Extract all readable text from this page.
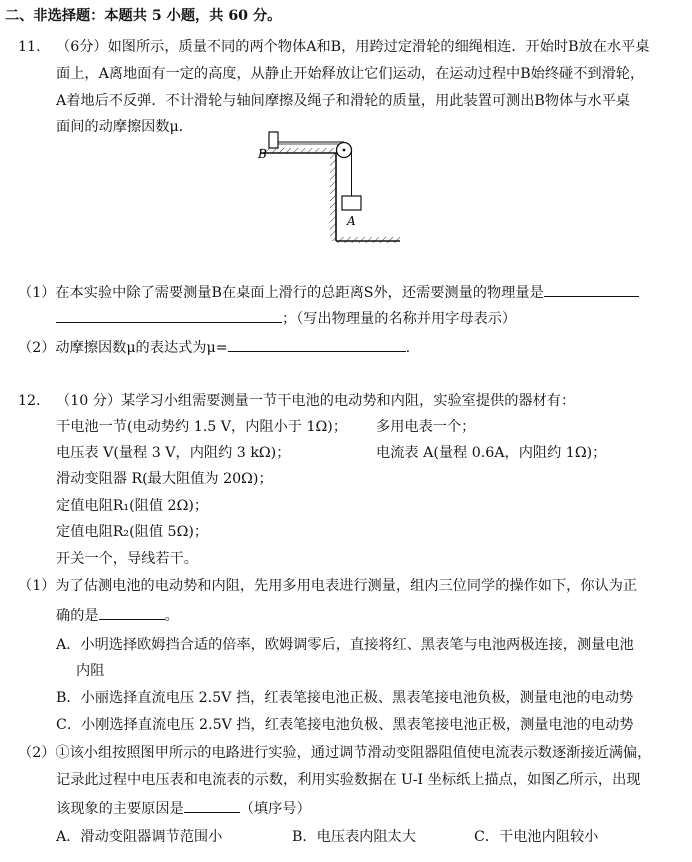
二、非选择题：本题共 5 小题，共 60 分。
11. （6分）如图所示，质量不同的两个物体A和B，用跨过定滑轮的细绳相连．开始时B放在水平桌
面上，A离地面有一定的高度，从静止开始释放让它们运动，在运动过程中B始终碰不到滑轮，
A着地后不反弹．不计滑轮与轴间摩擦及绳子和滑轮的质量，用此装置可测出B物体与水平桌
面间的动摩擦因数μ．
B
A
（1）在本实验中除了需要测量B在桌面上滑行的总距离S外，还需要测量的物理量是
；（写出物理量的名称并用字母表示）
（2）动摩擦因数μ的表达式为μ=	.
12. （10 分）某学习小组需要测量一节干电池的电动势和内阻，实验室提供的器材有：
干电池一节(电动势约 1.5 V，内阻小于 1Ω)； 多用电表一个；
电压表 V(量程 3 V，内阻约 3 kΩ)；	电流表 A(量程 0.6A，内阻约 1Ω)；
滑动变阻器 R(最大阻值为 20Ω)；
定值电阻R₁(阻值 2Ω)；
定值电阻R₂(阻值 5Ω)；
开关一个，导线若干。
（1）为了估测电池的电动势和内阻，先用多用电表进行测量，组内三位同学的操作如下，你认为正
确的是	。
A．小明选择欧姆挡合适的倍率，欧姆调零后，直接将红、黑表笔与电池两极连接，测量电池
内阻
B．小丽选择直流电压 2.5V 挡，红表笔接电池正极、黑表笔接电池负极，测量电池的电动势
C．小刚选择直流电压 2.5V 挡，红表笔接电池负极、黑表笔接电池正极，测量电池的电动势
（2）①该小组按照图甲所示的电路进行实验，通过调节滑动变阻器阻值使电流表示数逐渐接近满偏，
记录此过程中电压表和电流表的示数，利用实验数据在 U-I 坐标纸上描点，如图乙所示，出现
该现象的主要原因是	（填序号）
A．滑动变阻器调节范围小	B．电压表内阻太大	C．干电池内阻较小
